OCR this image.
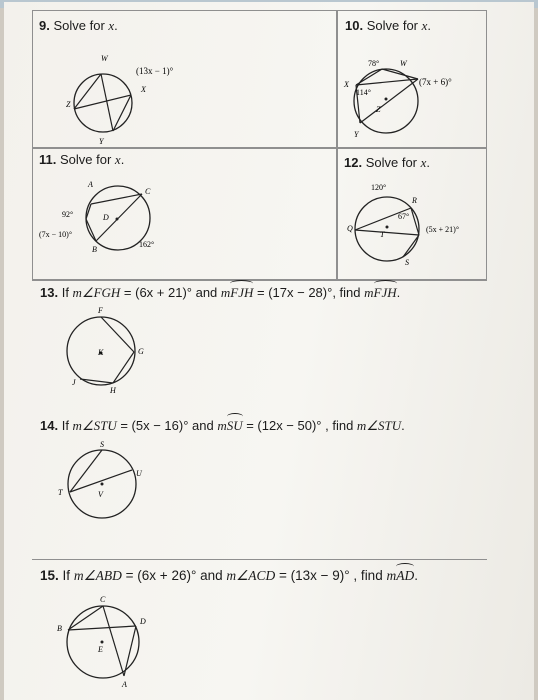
9. Solve for x.
W
(13x − 1)°
X
Z
Y
10. Solve for x.
78°	W
X
114°
Z
Y
(7x + 6)°
11. Solve for x.
A
C
92°	D
(7x − 10)°
B
162°
12. Solve for x.
120°
R
67°
Q
T
(5x + 21)°
S
13. If m∠FGH = (6x + 21)° and mFJH = (17x − 28)°, find mFJH.
F
K	G
J
H
14. If m∠STU = (5x − 16)° and mSU = (12x − 50)° , find m∠STU.
S
U
T	V
15. If m∠ABD = (6x + 26)° and m∠ACD = (13x − 9)° , find mAD.
C
D
B
E
A
